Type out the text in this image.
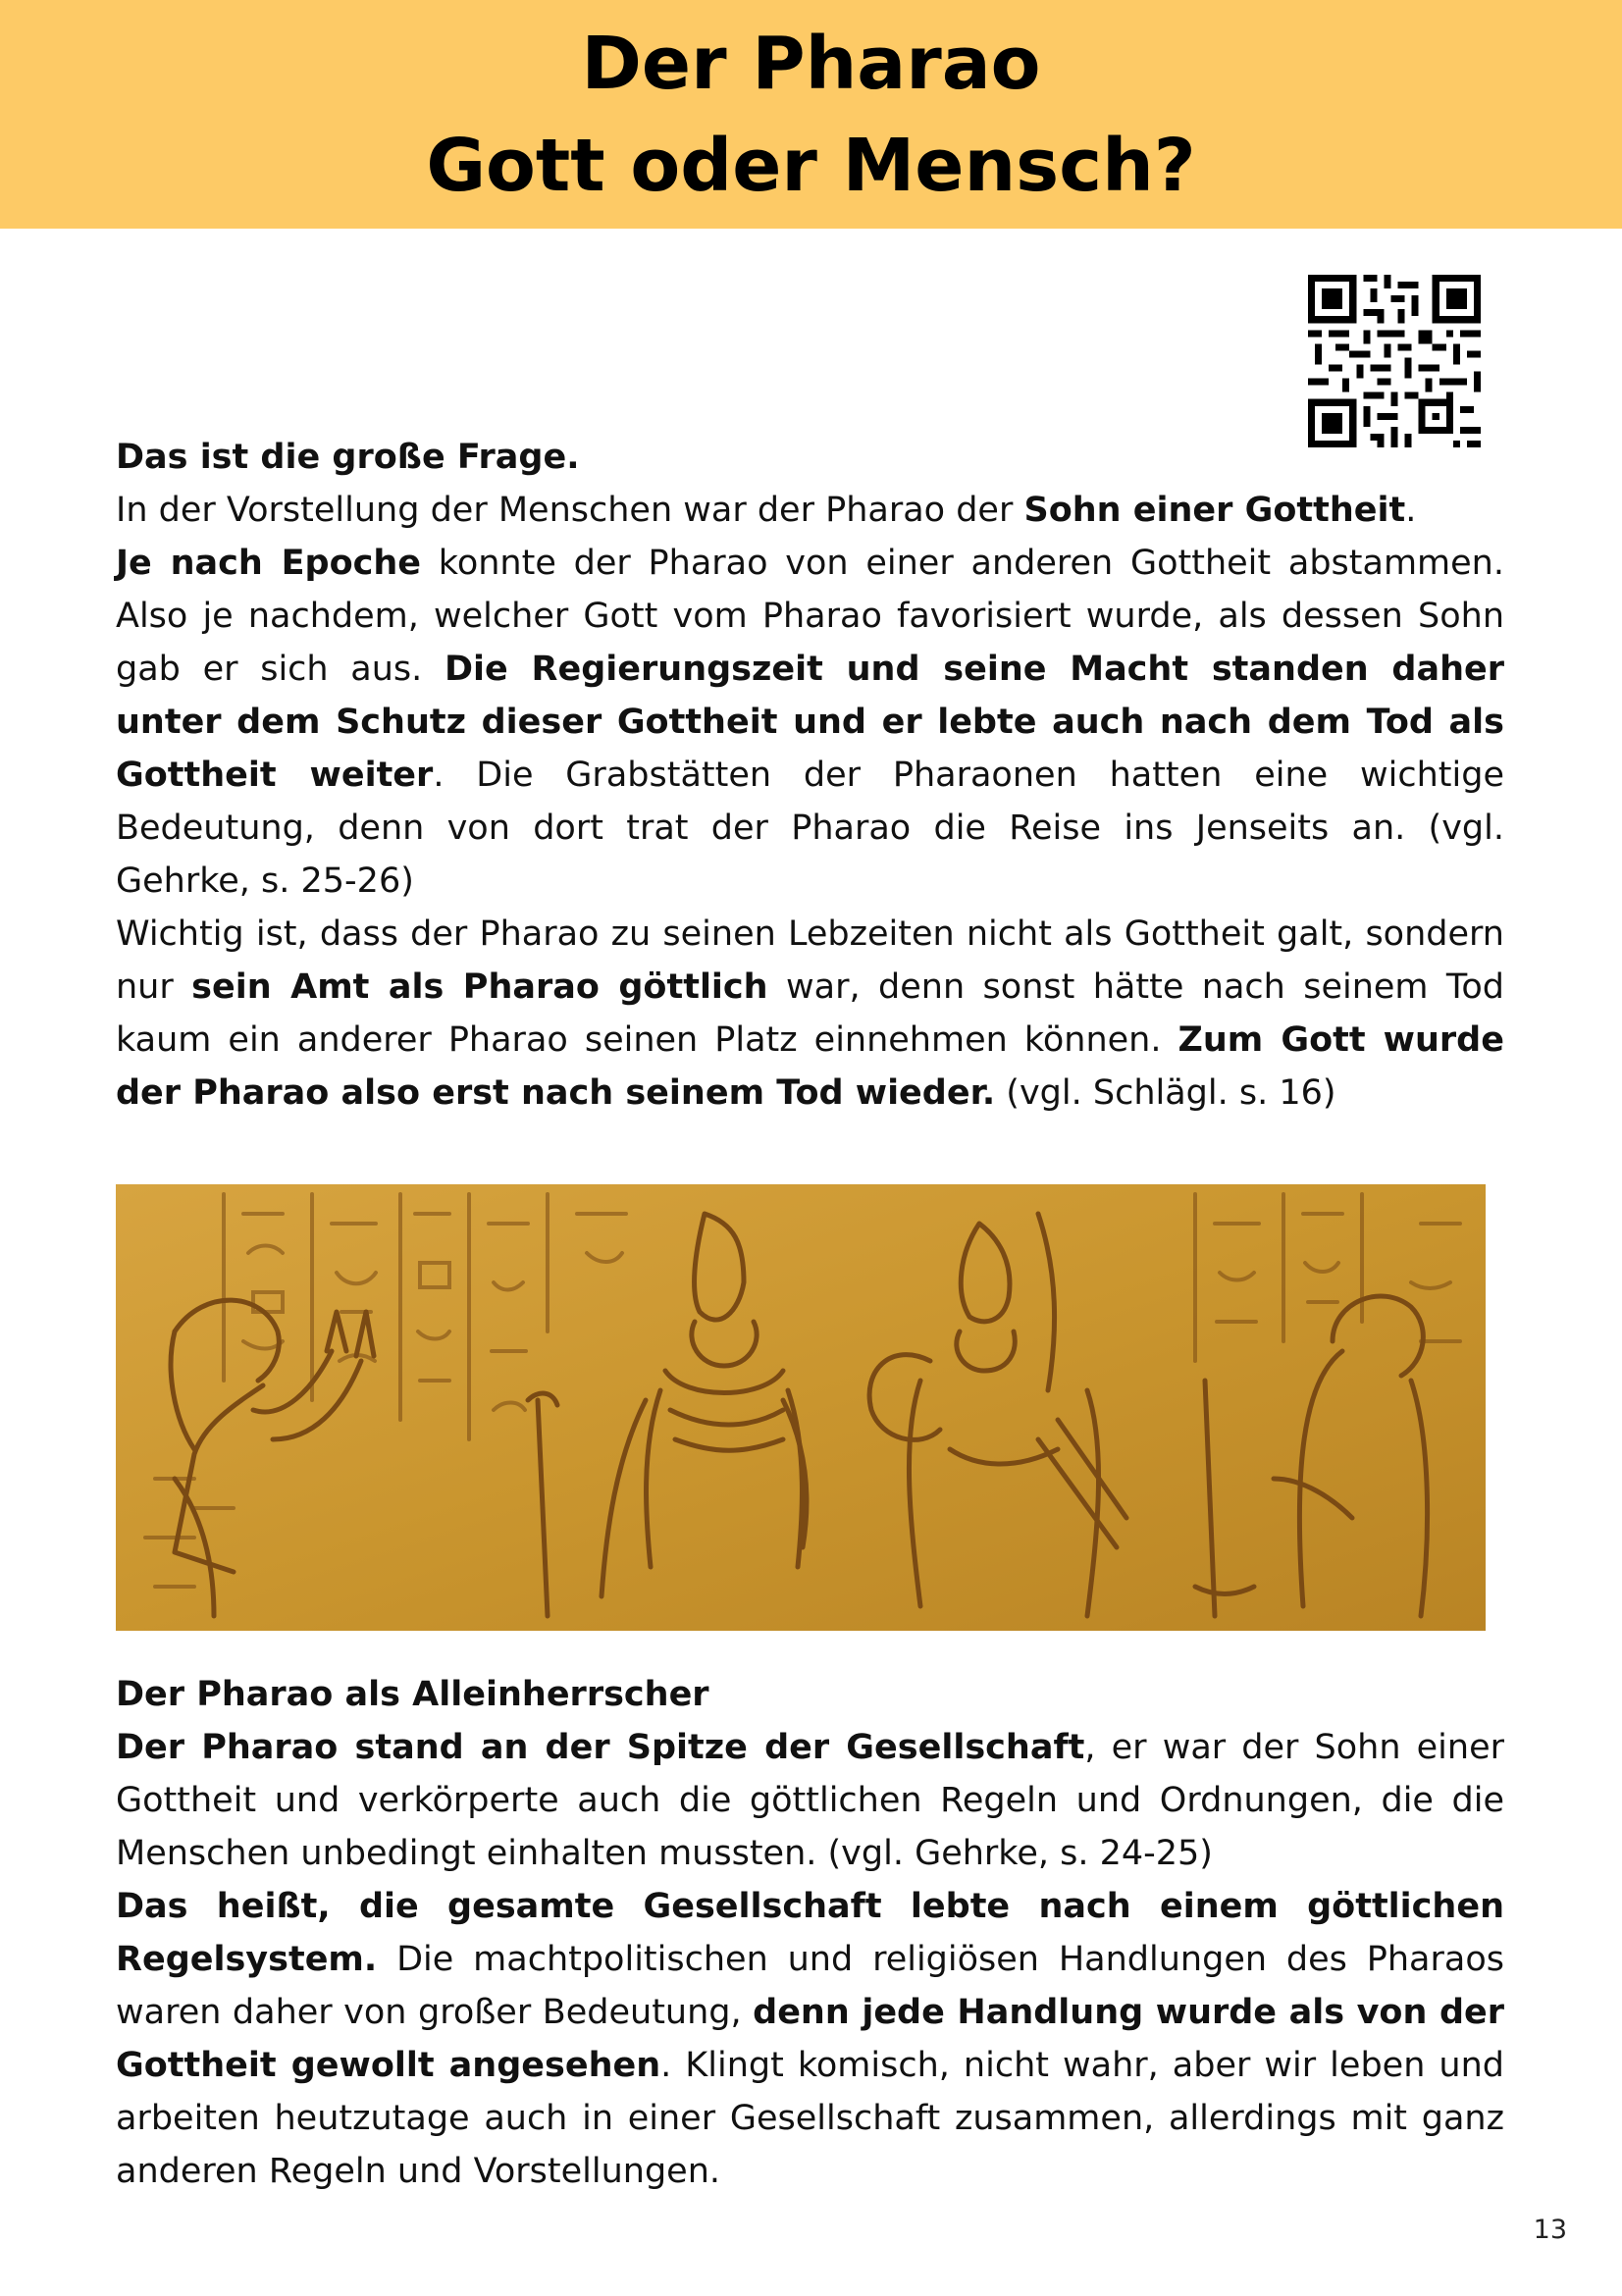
Der Pharao
Gott oder Mensch?

Das ist die große Frage.

In der Vorstellung der Menschen war der Pharao der Sohn einer Gottheit.

Je nach Epoche konnte der Pharao von einer anderen Gottheit abstammen. Also je nachdem, welcher Gott vom Pharao favorisiert wurde, als dessen Sohn gab er sich aus. Die Regierungszeit und seine Macht standen daher unter dem Schutz dieser Gottheit und er lebte auch nach dem Tod als Gottheit weiter. Die Grabstätten der Pharaonen hatten eine wichtige Bedeutung, denn von dort trat der Pharao die Reise ins Jenseits an. (vgl. Gehrke, s. 25-26)

Wichtig ist, dass der Pharao zu seinen Lebzeiten nicht als Gottheit galt, sondern nur sein Amt als Pharao göttlich war, denn sonst hätte nach seinem Tod kaum ein anderer Pharao seinen Platz einnehmen können. Zum Gott wurde der Pharao also erst nach seinem Tod wieder. (vgl. Schlägl. s. 16)

Der Pharao als Alleinherrscher

Der Pharao stand an der Spitze der Gesellschaft, er war der Sohn einer Gottheit und verkörperte auch die göttlichen Regeln und Ordnungen, die die Menschen unbedingt einhalten mussten. (vgl. Gehrke, s. 24-25)

Das heißt, die gesamte Gesellschaft lebte nach einem göttlichen Regelsystem. Die machtpolitischen und religiösen Handlungen des Pharaos waren daher von großer Bedeutung, denn jede Handlung wurde als von der Gottheit gewollt angesehen. Klingt komisch, nicht wahr, aber wir leben und arbeiten heutzutage auch in einer Gesellschaft zusammen, allerdings mit ganz anderen Regeln und Vorstellungen.

13
